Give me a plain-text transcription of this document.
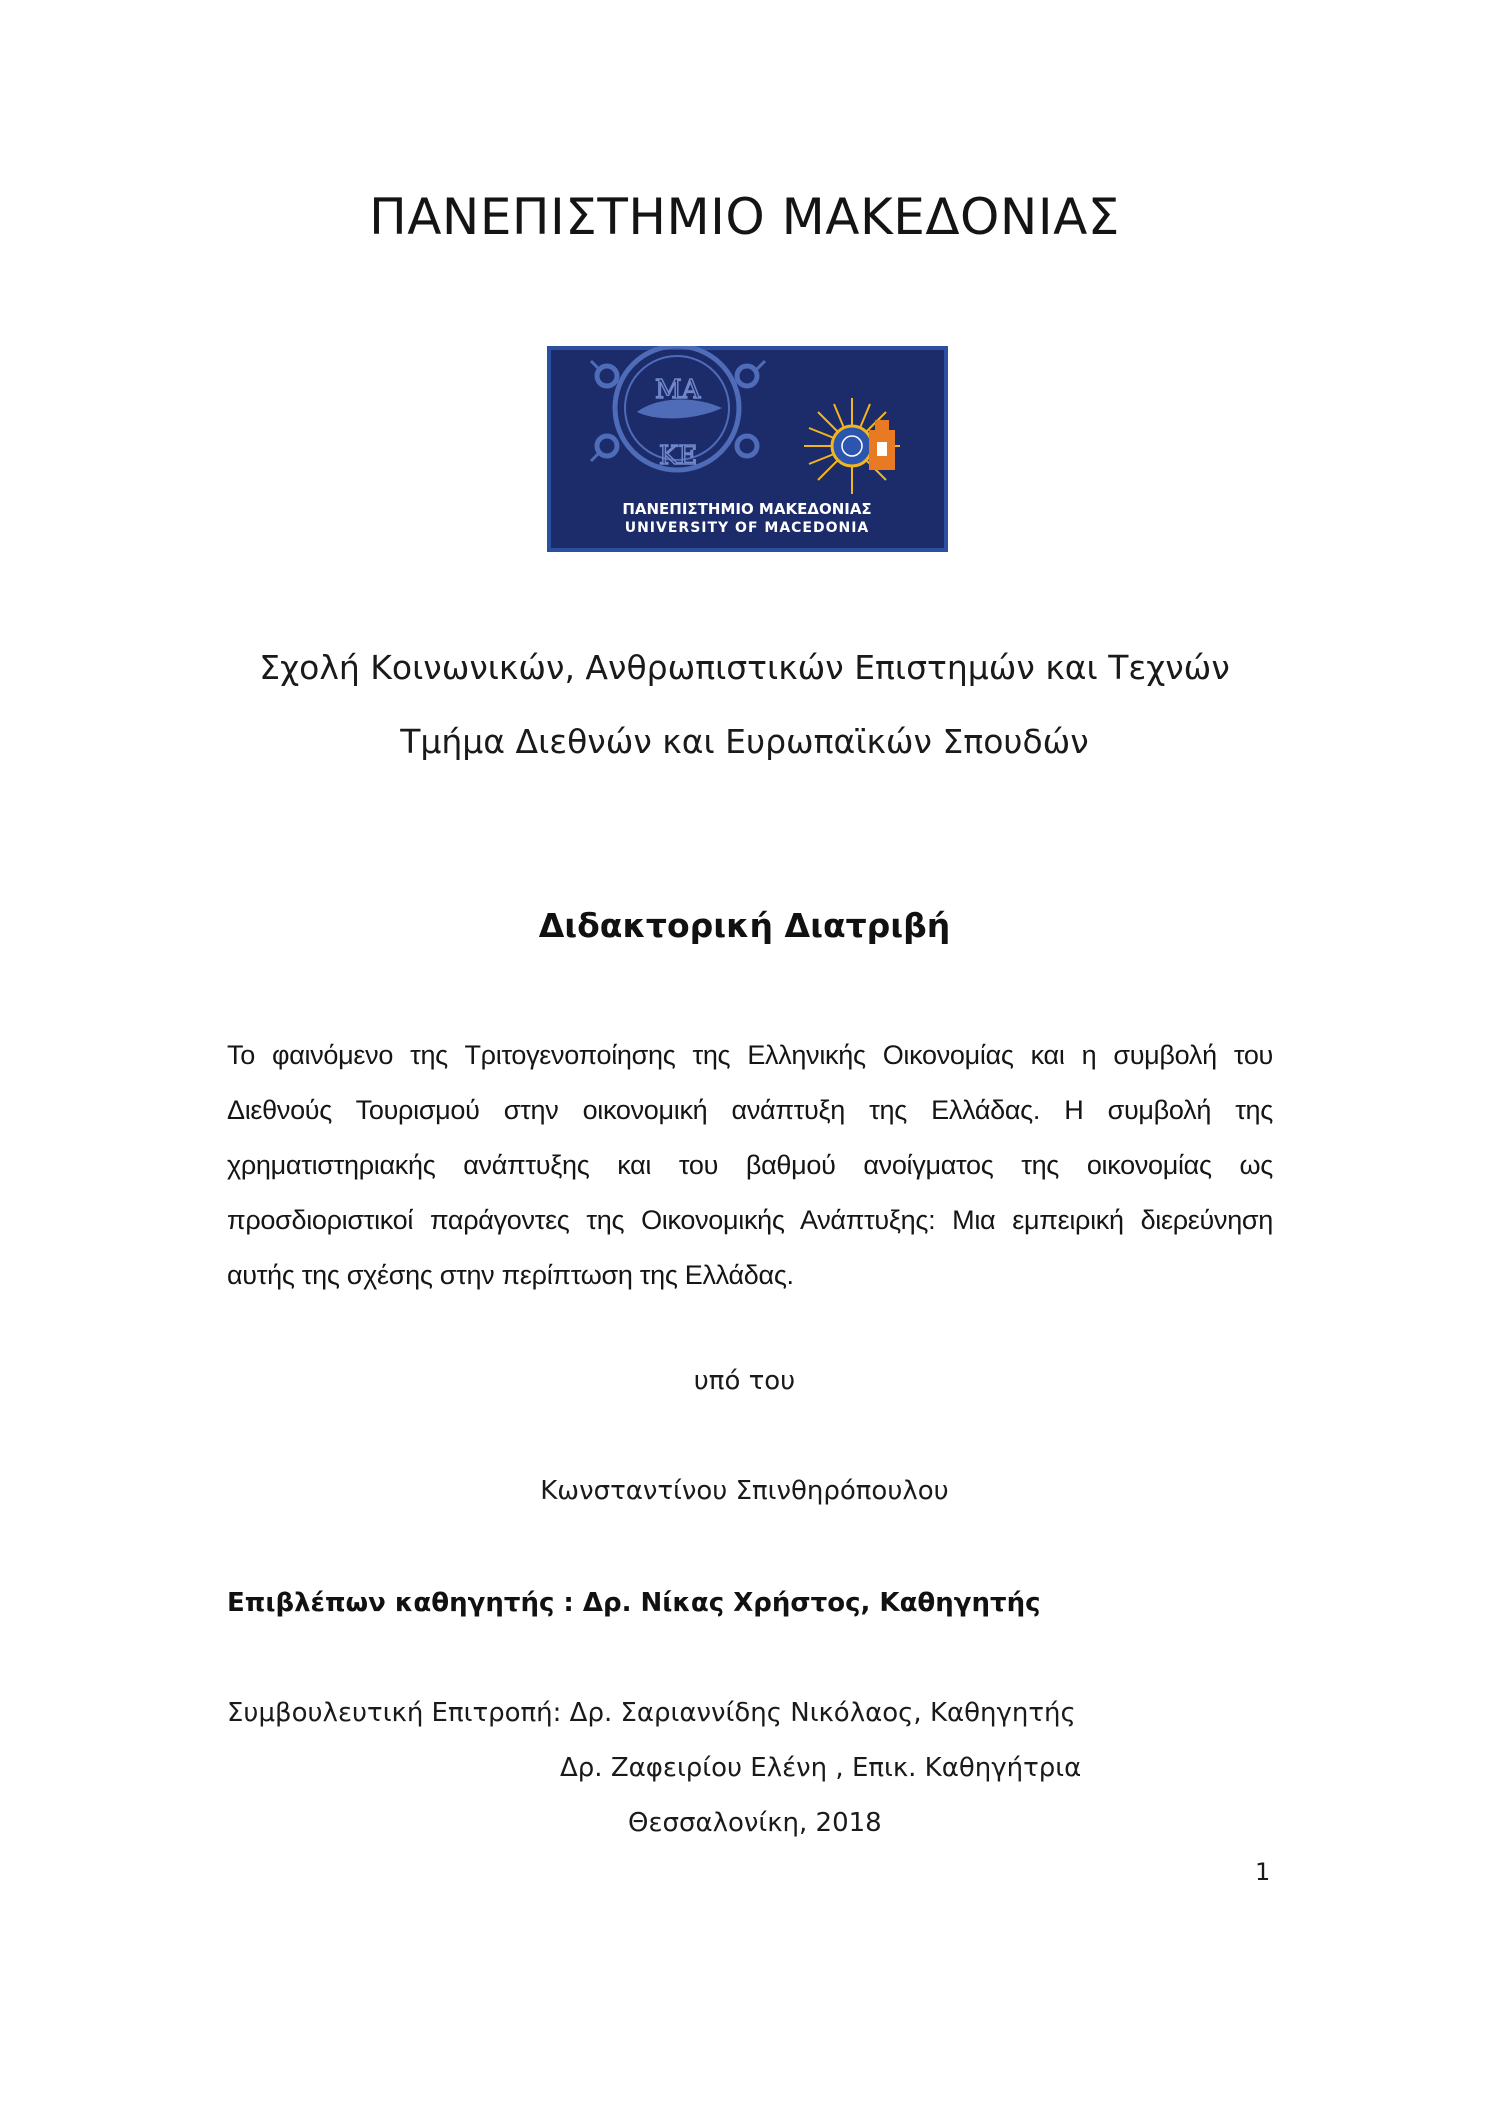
ΠΑΝΕΠΙΣΤΗΜΙΟ ΜΑΚΕΔΟΝΙΑΣ
ΜΑ
ΚΕ
ΠΑΝΕΠΙΣΤΗΜΙΟ ΜΑΚΕΔΟΝΙΑΣ
UNIVERSITY OF MACEDONIA
Σχολή Κοινωνικών, Ανθρωπιστικών Επιστημών και Τεχνών
Τμήμα Διεθνών και Ευρωπαϊκών Σπουδών
Διδακτορική Διατριβή
Το φαινόμενο της Τριτογενοποίησης της Ελληνικής Οικονομίας και η συμβολή του Διεθνούς Τουρισμού στην οικονομική ανάπτυξη της Ελλάδας. Η συμβολή της χρηματιστηριακής ανάπτυξης και του βαθμού ανοίγματος της οικονομίας ως προσδιοριστικοί παράγοντες της Οικονομικής Ανάπτυξης: Μια εμπειρική διερεύνηση αυτής της σχέσης στην περίπτωση της Ελλάδας.
υπό του
Κωνσταντίνου Σπινθηρόπουλου
Επιβλέπων καθηγητής : Δρ. Νίκας Χρήστος, Καθηγητής
Συμβουλευτική Επιτροπή: Δρ. Σαριαννίδης Νικόλαος, Καθηγητής
Δρ. Ζαφειρίου Ελένη , Επικ. Καθηγήτρια
Θεσσαλονίκη, 2018
1
